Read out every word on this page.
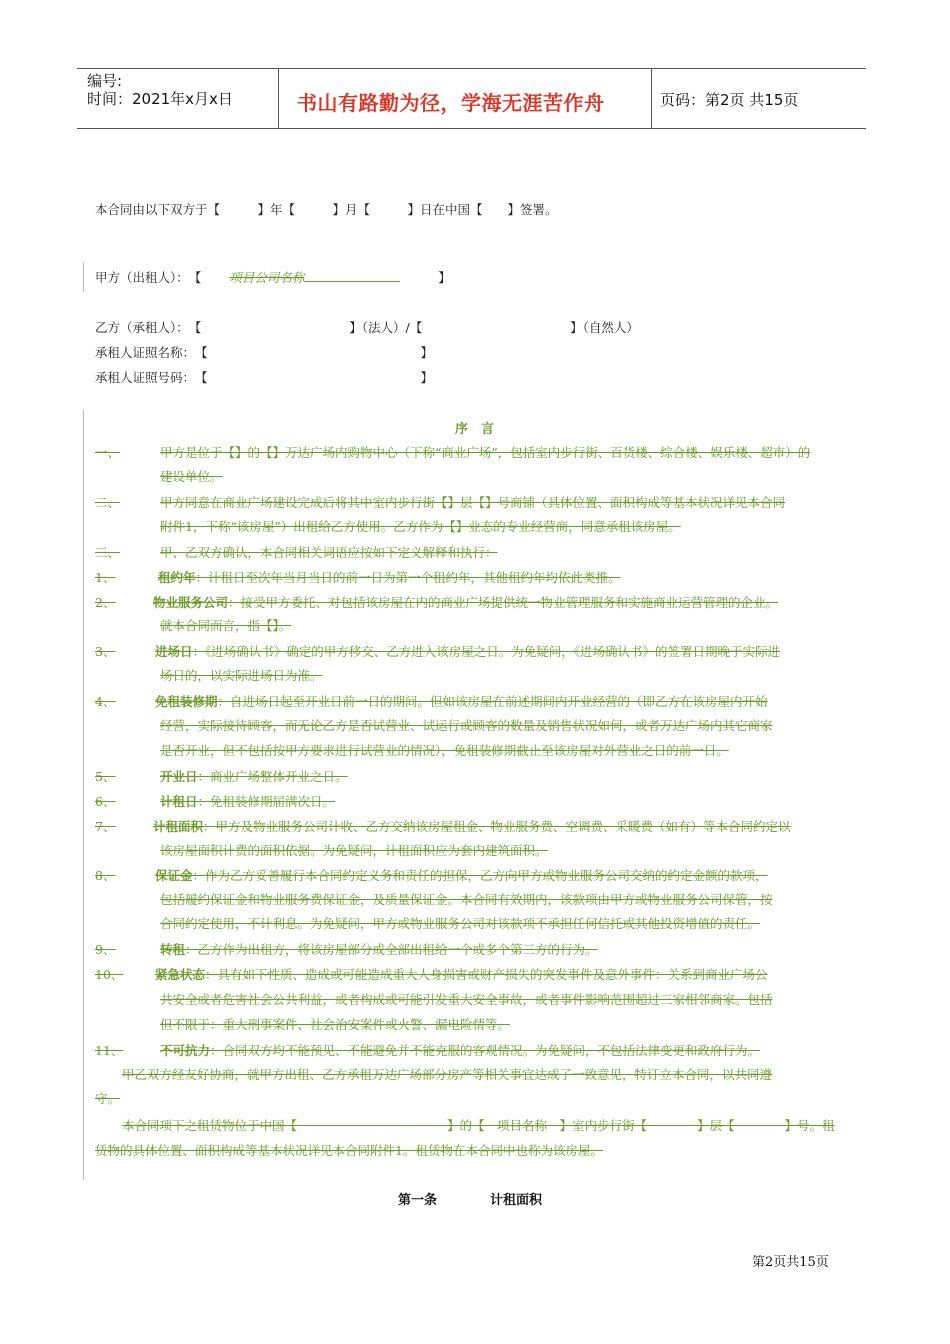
编号:
时间：2021年x月x日	书山有路勤为径，学海无涯苦作舟	页码：第2页 共15页
本合同由以下双方于【　　　】年【　　　】月【　　　】日在中国【　　】签署。
甲方（出租人）：　【 项目公司名称	】
乙方（承租人）：　【	】（法人）/【	】（自然人）
承租人证照名称：　【	】
承租人证照号码：　【	】
序　言
一、	甲方是位于【】的【】万达广场内购物中心（下称“商业广场”，包括室内步行街、百货楼、综合楼、娱乐楼、超市）的
建设单位。
二、	甲方同意在商业广场建设完成后将其中室内步行街【】层【】号商铺（具体位置、面积构成等基本状况详见本合同
附件1，下称“该房屋”）出租给乙方使用。乙方作为【】业态的专业经营商，同意承租该房屋。
三、	甲、乙双方确认，本合同相关词语应按如下定义解释和执行：
1、	租约年：计租日至次年当月当日的前一日为第一个租约年，其他租约年均依此类推。
2、	物业服务公司：接受甲方委托、对包括该房屋在内的商业广场提供统一物业管理服务和实施商业运营管理的企业。
就本合同而言，指【】。
3、	进场日：《进场确认书》确定的甲方移交、乙方进入该房屋之日。为免疑问，《进场确认书》的签署日期晚于实际进
场日的，以实际进场日为准。
4、	免租装修期：自进场日起至开业日前一日的期间。但如该房屋在前述期间内开业经营的（即乙方在该房屋内开始
经营，实际接待顾客，而无论乙方是否试营业、试运行或顾客的数量及销售状况如何，或者万达广场内其它商家
是否开业，但不包括按甲方要求进行试营业的情况），免租装修期截止至该房屋对外营业之日的前一日。
5、	开业日：商业广场整体开业之日。
6、	计租日：免租装修期届满次日。
7、	计租面积：甲方及物业服务公司计收、乙方交纳该房屋租金、物业服务费、空调费、采暖费（如有）等本合同约定以
该房屋面积计费的面积依据。为免疑问，计租面积应为套内建筑面积。
8、	保证金：作为乙方妥善履行本合同约定义务和责任的担保，乙方向甲方或物业服务公司交纳的约定金额的款项，
包括履约保证金和物业服务费保证金，及质量保证金。本合同有效期内，该款项由甲方或物业服务公司保管，按
合同约定使用，不计利息。为免疑问，甲方或物业服务公司对该款项不承担任何信托或其他投资增值的责任。
9、	转租：乙方作为出租方，将该房屋部分或全部出租给一个或多个第三方的行为。
10、	紧急状态：具有如下性质、造成或可能造成重大人身损害或财产损失的突发事件及意外事件：关系到商业广场公
共安全或者危害社会公共利益，或者构成或可能引发重大安全事故，或者事件影响范围超过三家相邻商家。包括
但不限于：重大刑事案件、社会治安案件或火警、漏电险情等。
11、	不可抗力：合同双方均不能预见、不能避免并不能克服的客观情况。为免疑问，不包括法律变更和政府行为。
甲乙双方经友好协商，就甲方出租、乙方承租万达广场部分房产等相关事宜达成了一致意见，特订立本合同，以共同遵
守。
本合同项下之租赁物位于中国【　　　　　　　　　　　　】的【　项目名称　】室内步行街【　　　　】层【　　　　】号。租
赁物的具体位置、面积构成等基本状况详见本合同附件1。租赁物在本合同中也称为该房屋。
第一条	计租面积
第2页共15页
